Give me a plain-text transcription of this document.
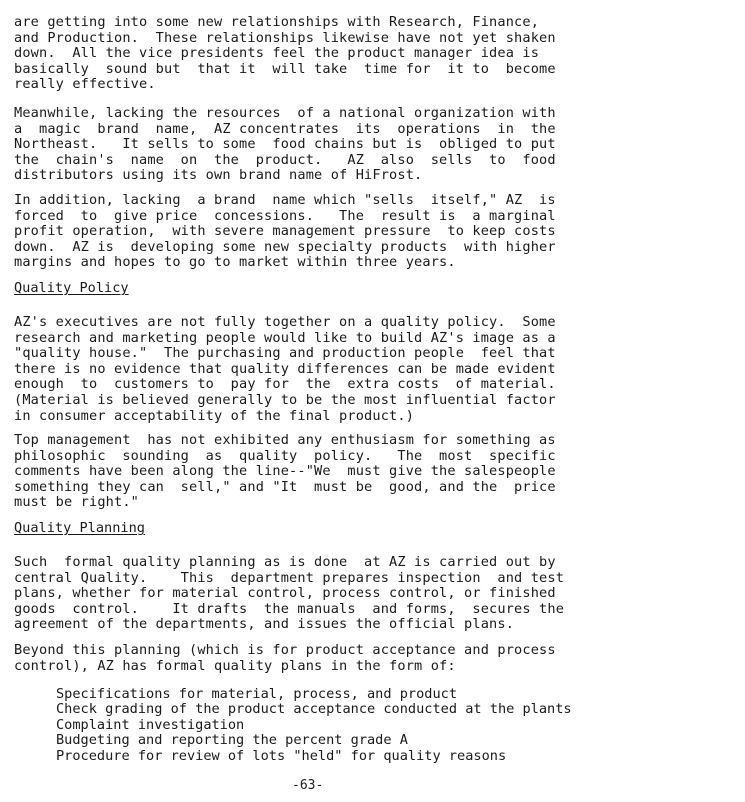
are getting into some new relationships with Research, Finance,
and Production.  These relationships likewise have not yet shaken
down.  All the vice presidents feel the product manager idea is
basically  sound but  that it  will take  time for  it to  become
really effective.

Meanwhile, lacking the resources  of a national organization with
a  magic  brand  name,  AZ concentrates  its  operations  in  the
Northeast.   It sells to some  food chains but is  obliged to put
the  chain's  name  on  the  product.   AZ  also  sells  to  food
distributors using its own brand name of HiFrost.

In addition, lacking  a brand  name which "sells  itself," AZ  is
forced  to  give price  concessions.   The  result is  a marginal
profit operation,  with severe management pressure  to keep costs
down.  AZ is  developing some new specialty products  with higher
margins and hopes to go to market within three years.

Quality Policy

AZ's executives are not fully together on a quality policy.  Some
research and marketing people would like to build AZ's image as a
"quality house."  The purchasing and production people  feel that
there is no evidence that quality differences can be made evident
enough  to  customers to  pay for  the  extra costs  of material.
(Material is believed generally to be the most influential factor
in consumer acceptability of the final product.)

Top management  has not exhibited any enthusiasm for something as
philosophic  sounding  as  quality  policy.   The  most  specific
comments have been along the line--"We  must give the salespeople
something they can  sell," and "It  must be  good, and the  price
must be right."

Quality Planning

Such  formal quality planning as is done  at AZ is carried out by
central Quality.    This  department prepares inspection  and test
plans, whether for material control, process control, or finished
goods  control.    It drafts  the manuals  and forms,  secures the
agreement of the departments, and issues the official plans.

Beyond this planning (which is for product acceptance and process
control), AZ has formal quality plans in the form of:

Specifications for material, process, and product
Check grading of the product acceptance conducted at the plants
Complaint investigation
Budgeting and reporting the percent grade A
Procedure for review of lots "held" for quality reasons
-63-
